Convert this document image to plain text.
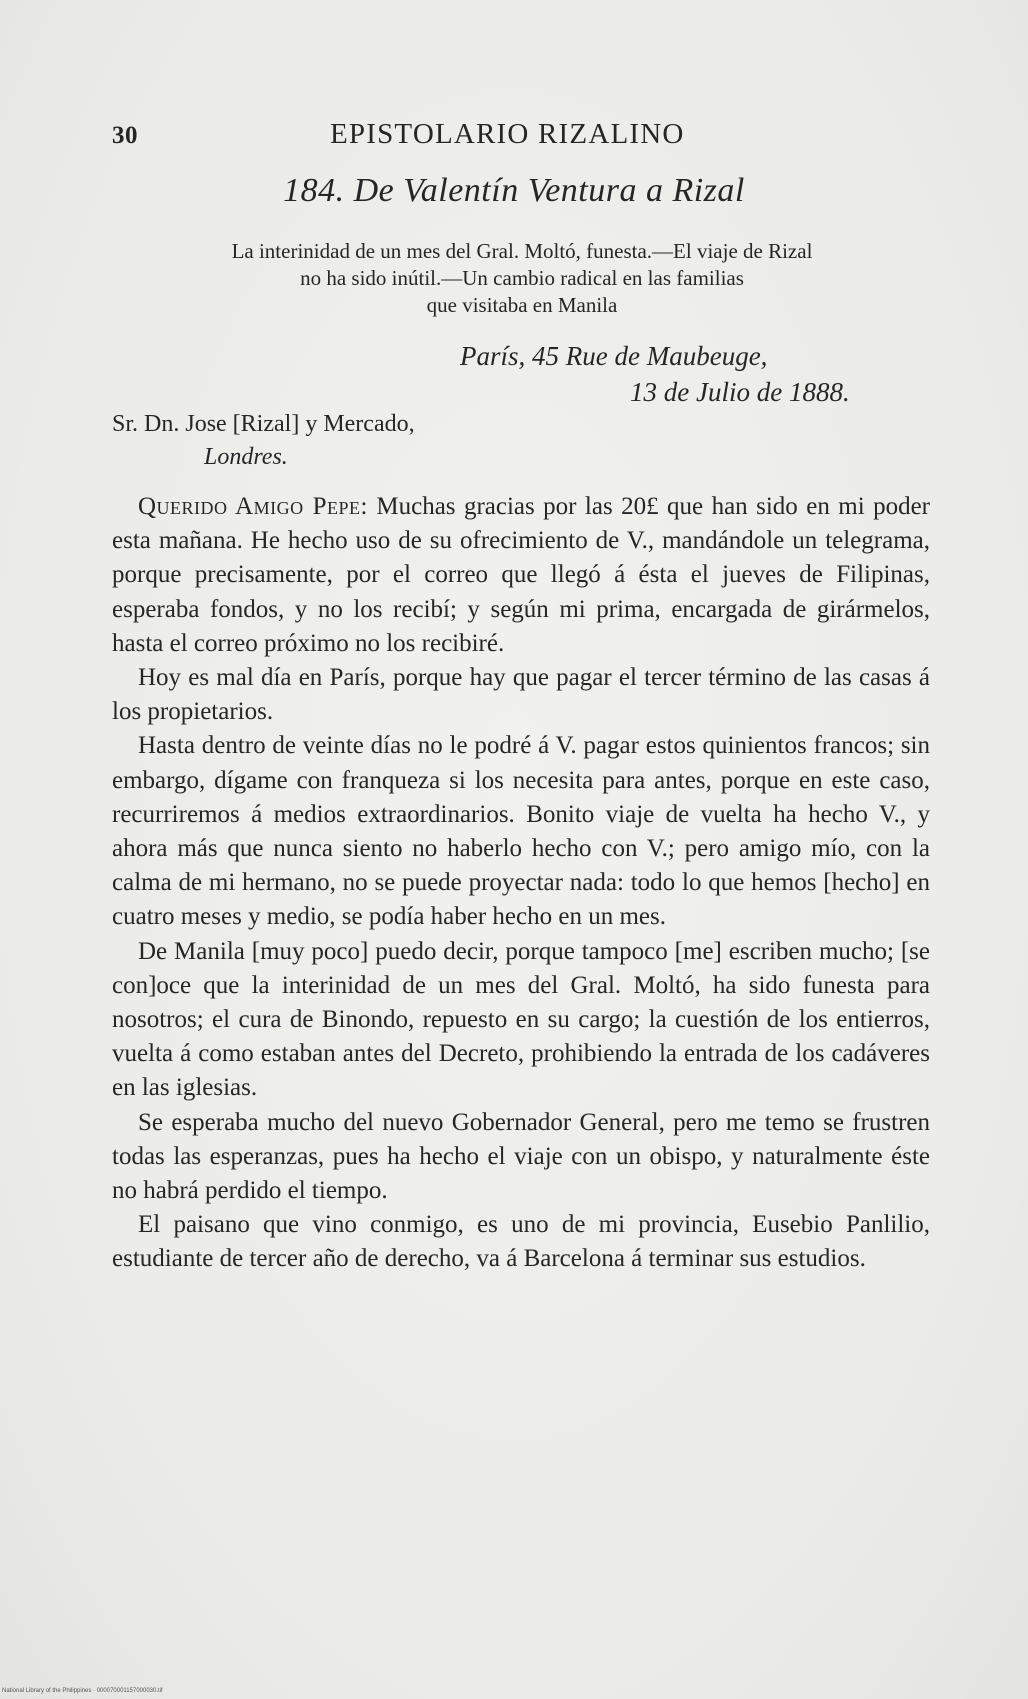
30	EPISTOLARIO RIZALINO
184. De Valentín Ventura a Rizal
La interinidad de un mes del Gral. Moltó, funesta.—El viaje de Rizal
no ha sido inútil.—Un cambio radical en las familias
que visitaba en Manila
París, 45 Rue de Maubeuge,
13 de Julio de 1888.
Sr. Dn. Jose [Rizal] y Mercado,
Londres.

Querido Amigo Pepe: Muchas gracias por las 20£ que han sido en mi poder esta mañana. He hecho uso de su ofrecimiento de V., mandándole un telegrama, porque precisamente, por el correo que llegó á ésta el jueves de Filipinas, esperaba fondos, y no los recibí; y según mi prima, encargada de girármelos, hasta el correo próximo no los recibiré.

Hoy es mal día en París, porque hay que pagar el tercer término de las casas á los propietarios.

Hasta dentro de veinte días no le podré á V. pagar estos quinientos francos; sin embargo, dígame con franqueza si los necesita para antes, porque en este caso, recurriremos á medios extraordinarios. Bonito viaje de vuelta ha hecho V., y ahora más que nunca siento no haberlo hecho con V.; pero amigo mío, con la calma de mi hermano, no se puede proyectar nada: todo lo que hemos [hecho] en cuatro meses y medio, se podía haber hecho en un mes.

De Manila [muy poco] puedo decir, porque tampoco [me] escriben mucho; [se con]oce que la interinidad de un mes del Gral. Moltó, ha sido funesta para nosotros; el cura de Binondo, repuesto en su cargo; la cuestión de los entierros, vuelta á como estaban antes del Decreto, prohibiendo la entrada de los cadáveres en las iglesias.

Se esperaba mucho del nuevo Gobernador General, pero me temo se frustren todas las esperanzas, pues ha hecho el viaje con un obispo, y naturalmente éste no habrá perdido el tiempo.

El paisano que vino conmigo, es uno de mi provincia, Eusebio Panlilio, estudiante de tercer año de derecho, va á Barcelona á terminar sus estudios.

National Library of the Philippines · 000070001157000030.tif
